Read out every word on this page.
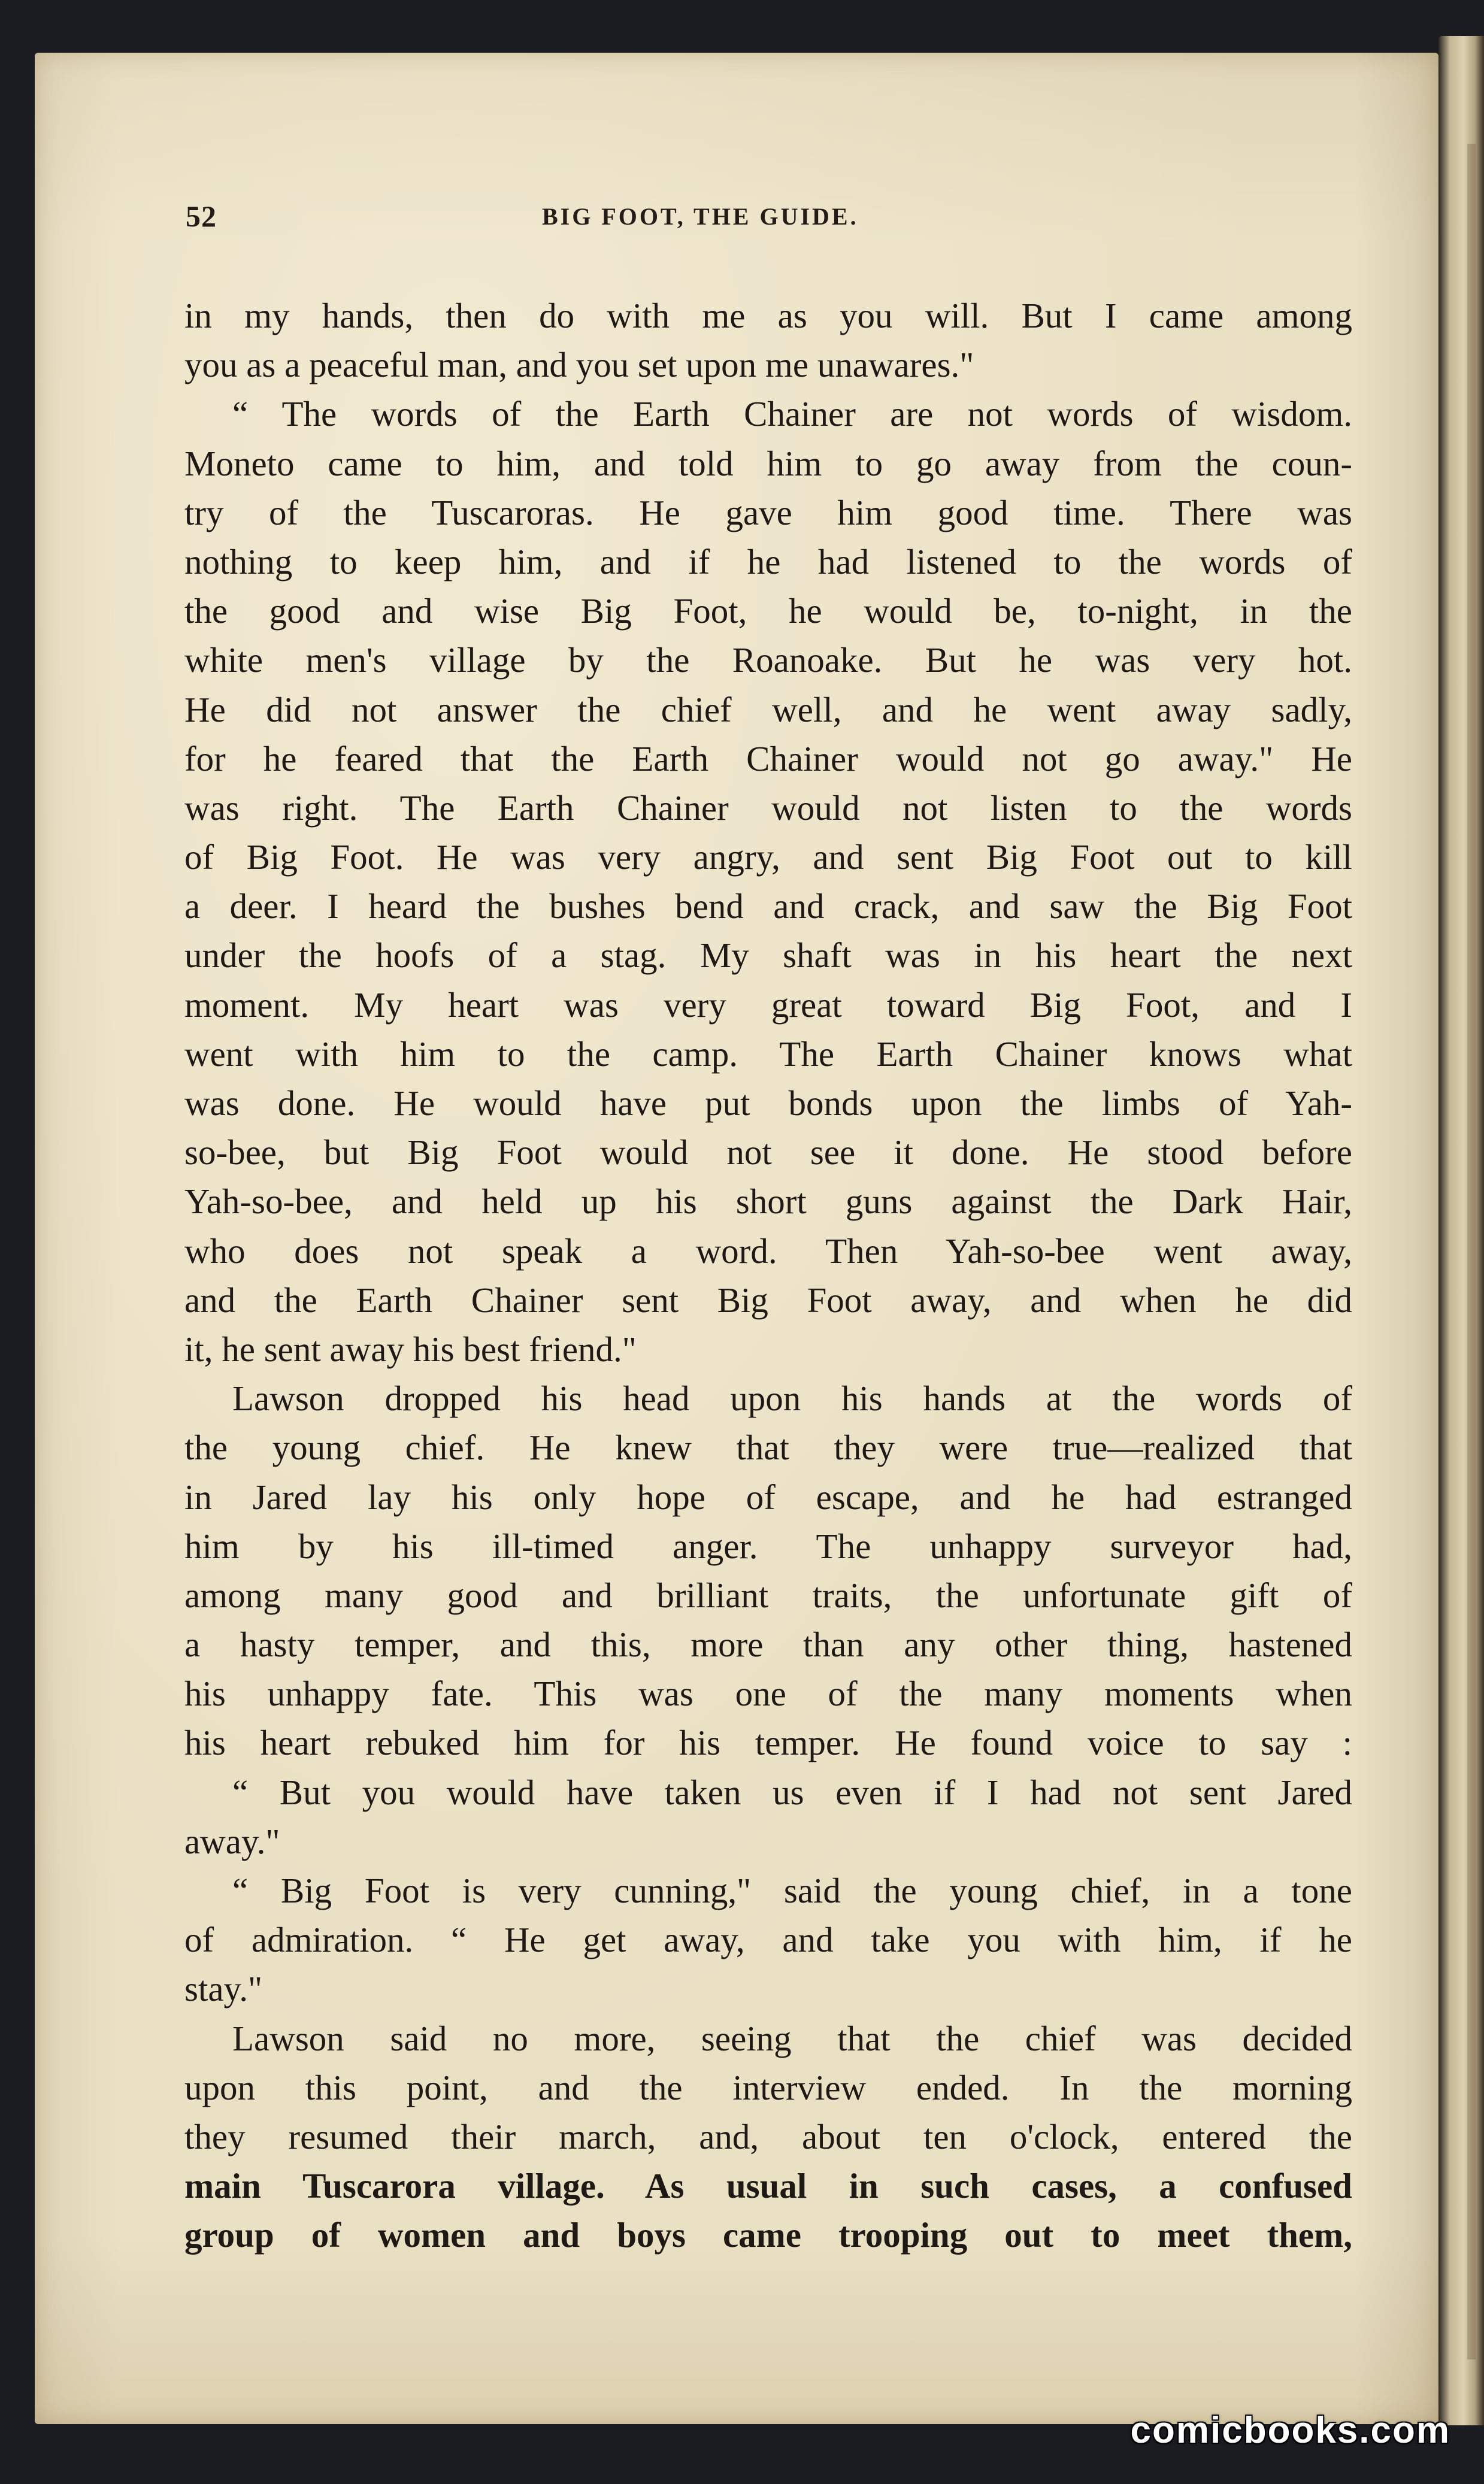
52	BIG FOOT, THE GUIDE.
in my hands, then do with me as you will. But I came among
you as a peaceful man, and you set upon me unawares."
“ The words of the Earth Chainer are not words of wisdom.
Moneto came to him, and told him to go away from the coun-
try of the Tuscaroras. He gave him good time. There was
nothing to keep him, and if he had listened to the words of
the good and wise Big Foot, he would be, to-night, in the
white men's village by the Roanoake. But he was very hot.
He did not answer the chief well, and he went away sadly,
for he feared that the Earth Chainer would not go away." He
was right. The Earth Chainer would not listen to the words
of Big Foot. He was very angry, and sent Big Foot out to kill
a deer. I heard the bushes bend and crack, and saw the Big Foot
under the hoofs of a stag. My shaft was in his heart the next
moment. My heart was very great toward Big Foot, and I
went with him to the camp. The Earth Chainer knows what
was done. He would have put bonds upon the limbs of Yah-
so-bee, but Big Foot would not see it done. He stood before
Yah-so-bee, and held up his short guns against the Dark Hair,
who does not speak a word. Then Yah-so-bee went away,
and the Earth Chainer sent Big Foot away, and when he did
it, he sent away his best friend."
Lawson dropped his head upon his hands at the words of
the young chief. He knew that they were true—realized that
in Jared lay his only hope of escape, and he had estranged
him by his ill-timed anger. The unhappy surveyor had,
among many good and brilliant traits, the unfortunate gift of
a hasty temper, and this, more than any other thing, hastened
his unhappy fate. This was one of the many moments when
his heart rebuked him for his temper. He found voice to say :
“ But you would have taken us even if I had not sent Jared
away."
“ Big Foot is very cunning," said the young chief, in a tone
of admiration. “ He get away, and take you with him, if he
stay."
Lawson said no more, seeing that the chief was decided
upon this point, and the interview ended. In the morning
they resumed their march, and, about ten o'clock, entered the
main Tuscarora village. As usual in such cases, a confused
group of women and boys came trooping out to meet them,
comicbooks.com
